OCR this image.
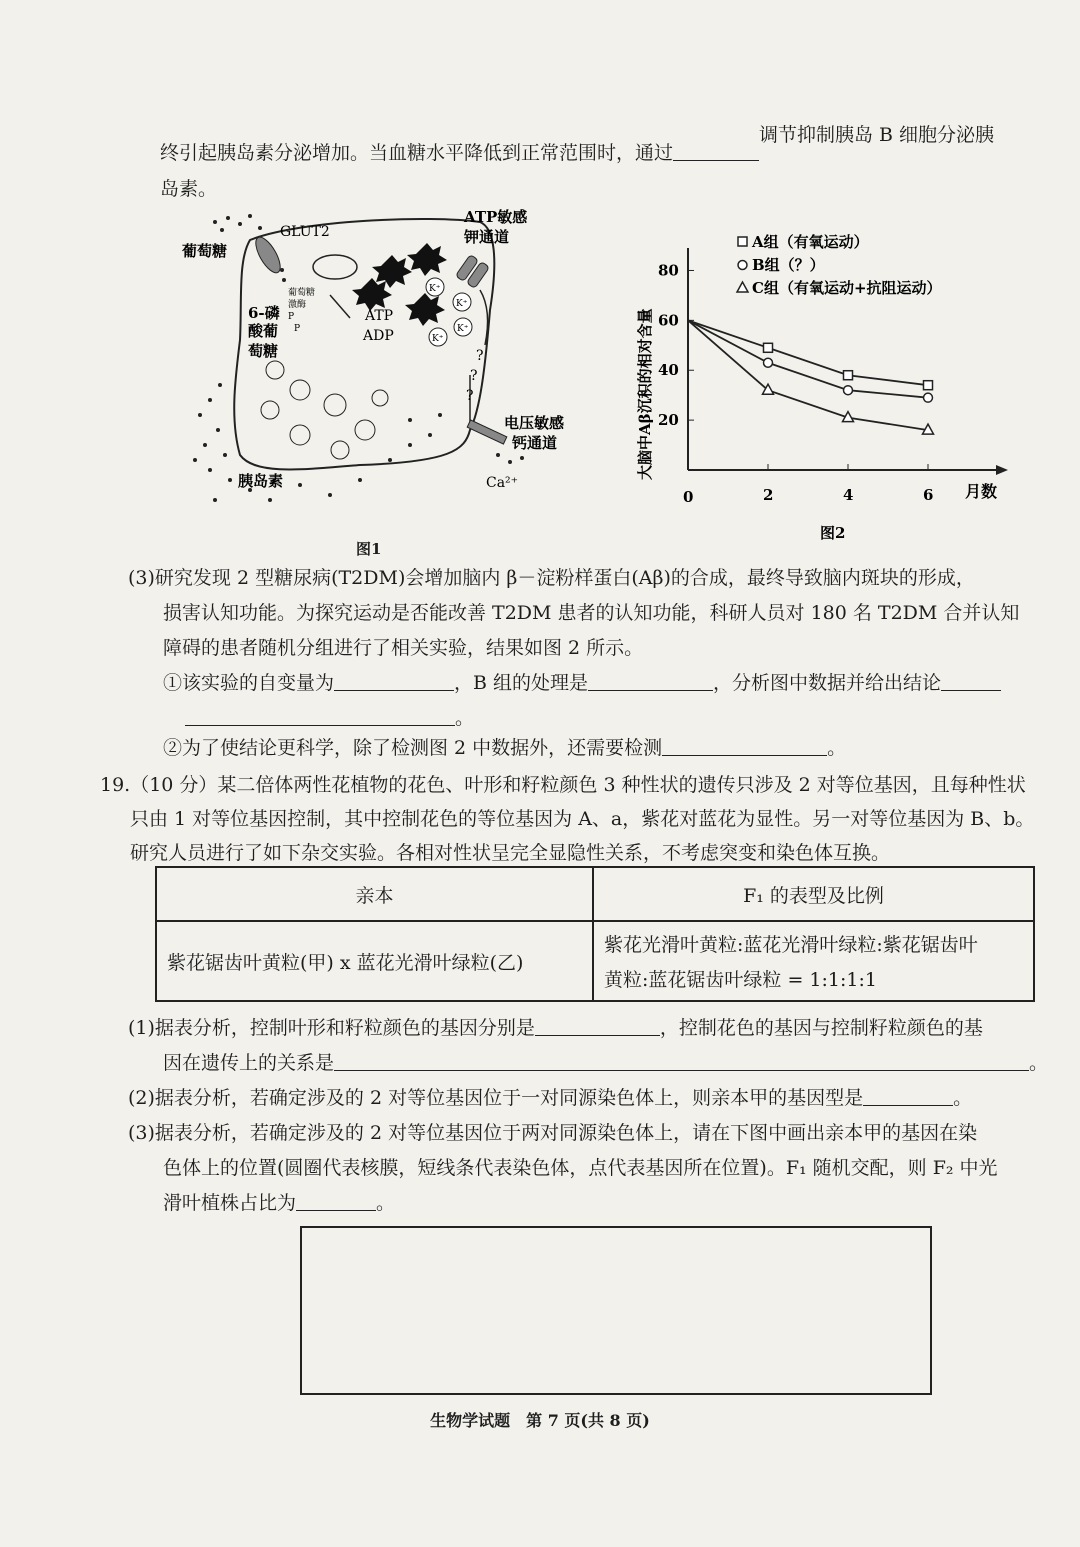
终引起胰岛素分泌增加。当血糖水平降低到正常范围时，通过调节抑制胰岛 B 细胞分泌胰
岛素。
K⁺
K⁺
K⁺
K⁺
葡萄糖
GLUT2
ATP敏感
钾通道
6-磷
酸葡
萄糖
葡萄糖
激酶
P
P
ATP
ADP
?
?
?
电压敏感
钙通道
Ca²⁺
胰岛素
图1
0	2	4	6
20
40
60
80
A组（有氧运动）
B组（？）
C组（有氧运动+抗阻运动）
大脑中Aβ沉积的相对含量
月数
图2
(3)研究发现 2 型糖尿病(T2DM)会增加脑内 β－淀粉样蛋白(Aβ)的合成，最终导致脑内斑块的形成，
损害认知功能。为探究运动是否能改善 T2DM 患者的认知功能，科研人员对 180 名 T2DM 合并认知
障碍的患者随机分组进行了相关实验，结果如图 2 所示。
①该实验的自变量为	，B 组的处理是	，分析图中数据并给出结论
。
②为了使结论更科学，除了检测图 2 中数据外，还需要检测	。
19.（10 分）某二倍体两性花植物的花色、叶形和籽粒颜色 3 种性状的遗传只涉及 2 对等位基因，且每种性状
只由 1 对等位基因控制，其中控制花色的等位基因为 A、a，紫花对蓝花为显性。另一对等位基因为 B、b。
研究人员进行了如下杂交实验。各相对性状呈完全显隐性关系，不考虑突变和染色体互换。
亲本	F₁ 的表型及比例
紫花锯齿叶黄粒(甲) x 蓝花光滑叶绿粒(乙)	紫花光滑叶黄粒:蓝花光滑叶绿粒:紫花锯齿叶
黄粒:蓝花锯齿叶绿粒 = 1:1:1:1
(1)据表分析，控制叶形和籽粒颜色的基因分别是	，控制花色的基因与控制籽粒颜色的基
因在遗传上的关系是	。
(2)据表分析，若确定涉及的 2 对等位基因位于一对同源染色体上，则亲本甲的基因型是	。
(3)据表分析，若确定涉及的 2 对等位基因位于两对同源染色体上，请在下图中画出亲本甲的基因在染
色体上的位置(圆圈代表核膜，短线条代表染色体，点代表基因所在位置)。F₁ 随机交配，则 F₂ 中光
滑叶植株占比为	。
生物学试题　第 7 页(共 8 页)
